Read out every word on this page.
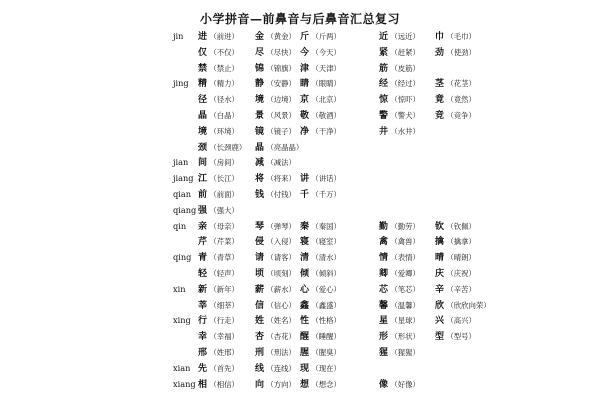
小学拼音—前鼻音与后鼻音汇总复习
jin 进 （前进） 金 （黄金） 斤 （斤两）	近 （远近） 巾 （毛巾）
仅 （不仅） 尽 （尽快） 今 （今天）	紧 （赶紧） 劲 （使劲）
禁 （禁止） 锦 （锦旗） 津 （天津）	筋 （皮筋）
jing 精 （精力） 静 （安静） 睛 （眼睛）	经 （经过） 茎 （花茎）
径 （径水） 境 （边境） 京 （北京）	惊 （惊吓） 竟 （竟然）
晶 （白晶） 景 （风景） 敬 （敬酒）	警 （警犬） 竞 （竞争）
境 （环境） 镜 （镜子） 净 （干净）	井 （水井）
颈 （长颈鹿） 晶 （亮晶晶）
jian 间 （房间） 减 （减法）
jiang 江 （长江） 将 （将来） 讲 （讲话）
qian 前 （前面） 钱 （付钱） 千 （千万）
qiang 强 （强大）
qin 亲 （母亲） 琴 （弹琴） 秦 （秦国）	勤 （勤劳） 钦 （钦佩）
芹 （芹菜） 侵 （入侵） 寝 （寝室）	禽 （禽兽） 擒 （擒拿）
qing 青 （青草） 请 （请客） 清 （清水）	情 （表情） 晴 （晴朗）
轻 （轻声） 顷 （顷刻） 倾 （倾斜）	卿 （爱卿） 庆 （庆祝）
xin 新 （新年） 薪 （薪水） 心 （爱心）	芯 （笔芯） 辛 （辛苦）
莘 （细莘） 信 （信心） 鑫 （鑫盛）	馨 （温馨） 欣 （欣欣向荣）
xing 行 （行走） 姓 （姓名） 性 （性格）	星 （星球） 兴 （高兴）
幸 （幸福） 杏 （杏花） 醒 （睡醒）	形 （形状） 型 （型号）
邢 （姓邢） 刑 （刑法） 腥 （腥臭）	猩 （猩猩）
xian 先 （首先） 线 （连线） 现 （现在）
xiang 相 （相信） 向 （方向） 想 （想念）	像 （好像）
